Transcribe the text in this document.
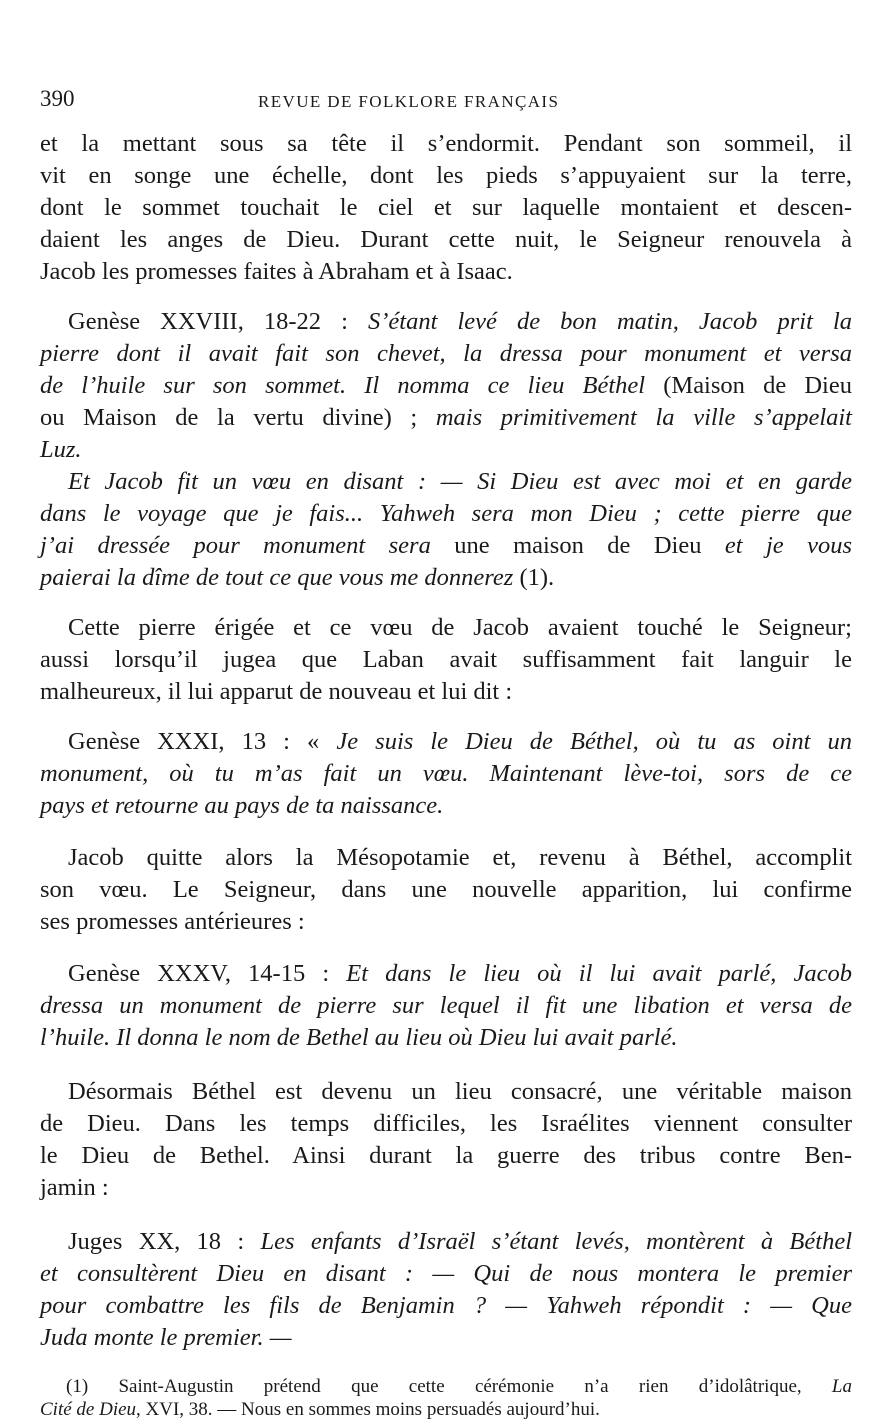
390	REVUE DE FOLKLORE FRANÇAIS
et la mettant sous sa tête il s’endormit. Pendant son sommeil, il
vit en songe une échelle, dont les pieds s’appuyaient sur la terre,
dont le sommet touchait le ciel et sur laquelle montaient et descen-
daient les anges de Dieu. Durant cette nuit, le Seigneur renouvela à
Jacob les promesses faites à Abraham et à Isaac.
Genèse XXVIII, 18-22 : S’étant levé de bon matin, Jacob prit la
pierre dont il avait fait son chevet, la dressa pour monument et versa
de l’huile sur son sommet. Il nomma ce lieu Béthel (Maison de Dieu
ou Maison de la vertu divine) ; mais primitivement la ville s’appelait
Luz.
Et Jacob fit un vœu en disant : — Si Dieu est avec moi et en garde
dans le voyage que je fais... Yahweh sera mon Dieu ; cette pierre que
j’ai dressée pour monument sera une maison de Dieu et je vous
paierai la dîme de tout ce que vous me donnerez (1).
Cette pierre érigée et ce vœu de Jacob avaient touché le Seigneur;
aussi lorsqu’il jugea que Laban avait suffisamment fait languir le
malheureux, il lui apparut de nouveau et lui dit :
Genèse XXXI, 13 : « Je suis le Dieu de Béthel, où tu as oint un
monument, où tu m’as fait un vœu. Maintenant lève-toi, sors de ce
pays et retourne au pays de ta naissance.
Jacob quitte alors la Mésopotamie et, revenu à Béthel, accomplit
son vœu. Le Seigneur, dans une nouvelle apparition, lui confirme
ses promesses antérieures :
Genèse XXXV, 14-15 : Et dans le lieu où il lui avait parlé, Jacob
dressa un monument de pierre sur lequel il fit une libation et versa de
l’huile. Il donna le nom de Bethel au lieu où Dieu lui avait parlé.
Désormais Béthel est devenu un lieu consacré, une véritable maison
de Dieu. Dans les temps difficiles, les Israélites viennent consulter
le Dieu de Bethel. Ainsi durant la guerre des tribus contre Ben-
jamin :
Juges XX, 18 : Les enfants d’Israël s’étant levés, montèrent à Béthel
et consultèrent Dieu en disant : — Qui de nous montera le premier
pour combattre les fils de Benjamin ? — Yahweh répondit : — Que
Juda monte le premier. —
(1) Saint-Augustin prétend que cette cérémonie n’a rien d’idolâtrique, La
Cité de Dieu, XVI, 38. — Nous en sommes moins persuadés aujourd’hui.
